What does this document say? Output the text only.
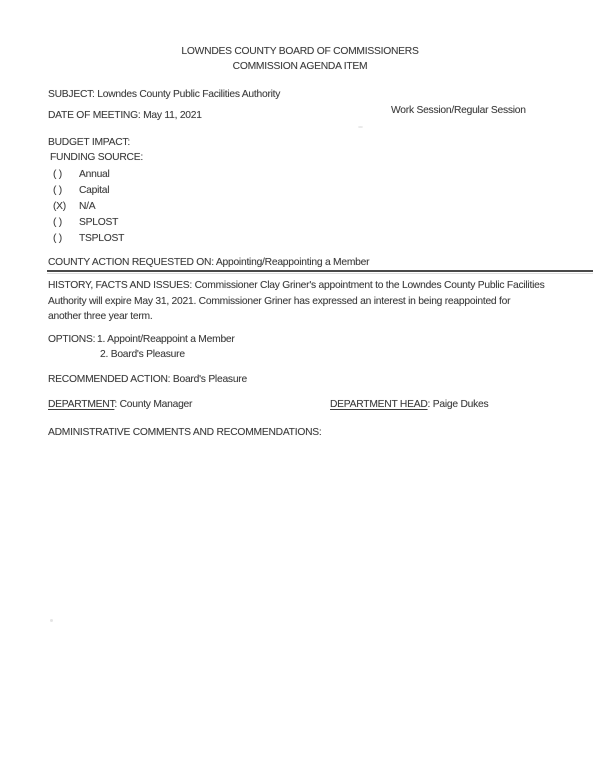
LOWNDES COUNTY BOARD OF COMMISSIONERS
COMMISSION AGENDA ITEM
SUBJECT: Lowndes County Public Facilities Authority
DATE OF MEETING: May 11, 2021	Work Session/Regular Session
BUDGET IMPACT:
FUNDING SOURCE:
( ) Annual
( ) Capital
(X) N/A
( ) SPLOST
( ) TSPLOST
COUNTY ACTION REQUESTED ON: Appointing/Reappointing a Member
HISTORY, FACTS AND ISSUES: Commissioner Clay Griner's appointment to the Lowndes County Public Facilities
Authority will expire May 31, 2021. Commissioner Griner has expressed an interest in being reappointed for
another three year term.
OPTIONS: 1. Appoint/Reappoint a Member
2. Board's Pleasure
RECOMMENDED ACTION: Board's Pleasure
DEPARTMENT: County Manager	DEPARTMENT HEAD: Paige Dukes
ADMINISTRATIVE COMMENTS AND RECOMMENDATIONS:
